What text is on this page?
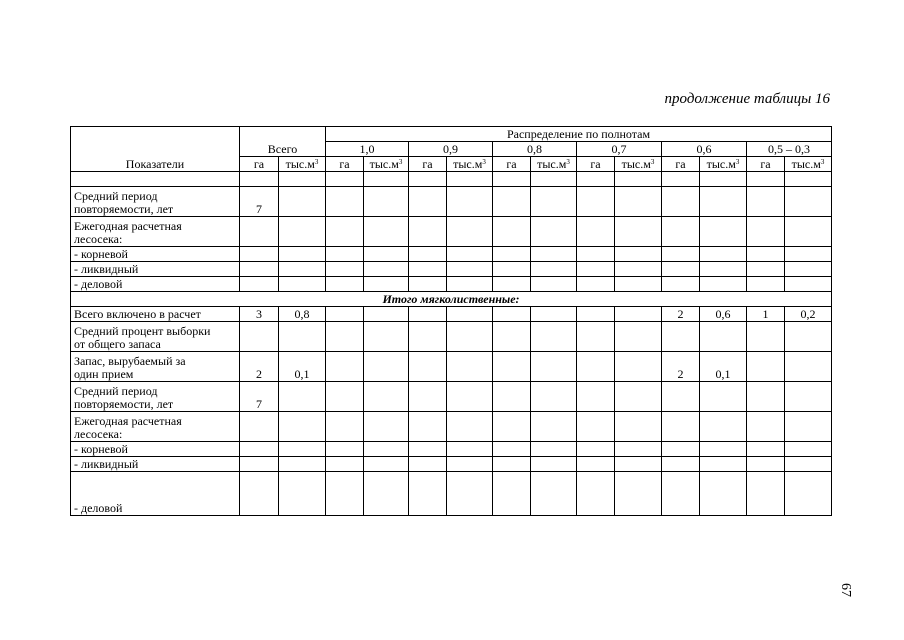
продолжение таблицы 16
Показатели	Всего		Распределение по полнотам											
			1,0		0,9		0,8		0,7		0,6		0,5 – 0,3	
	га	$тыс.м^3$	га	$тыс.м^3$	га	$тыс.м^3$	га	$тыс.м^3$	га	$тыс.м^3$	га	$тыс.м^3$	га	$тыс.м^3$

Средний период
повторяемости, лет	7													
Ежегодная расчетная
лесосека:														
- корневой														
- ликвидный														
- деловой														
Итого мягколиственные:														
Всего включено в расчет	3	0,8									2	0,6	1	0,2
Средний процент выборки
от общего запаса														
Запас, вырубаемый за
один прием	2	0,1									2	0,1		
Средний период
повторяемости, лет	7													
Ежегодная расчетная
лесосека:														
- корневой														
- ликвидный														
- деловой														
67
